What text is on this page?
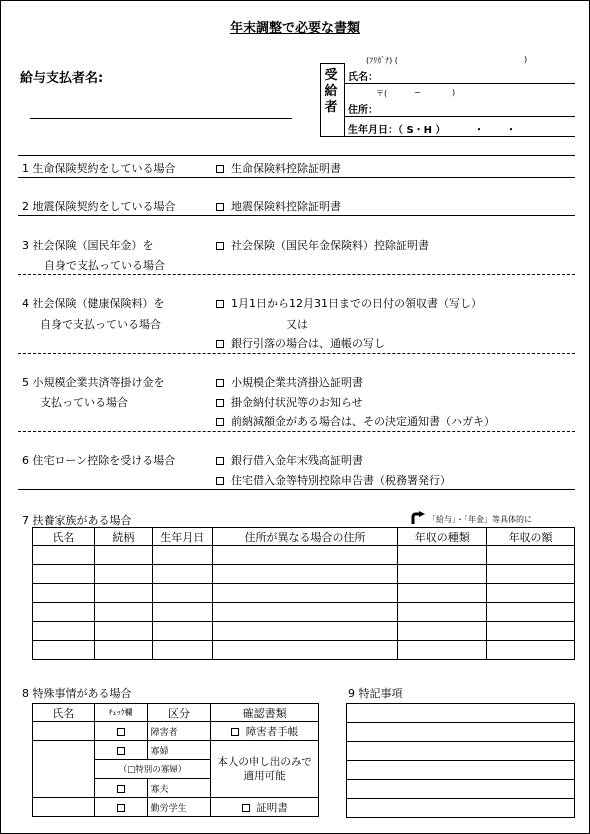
年末調整で必要な書類
給与支払者名:	受
給
者
(ﾌﾘｶﾞﾅ) (	)
氏名：
〒(	−	)
住所：
生年月日：（ S・H ）	・ ・
1 生命保険契約をしている場合	生命保険料控除証明書
2 地震保険契約をしている場合	地震保険料控除証明書
3 社会保険（国民年金）を
自身で支払っている場合
社会保険（国民年金保険料）控除証明書
4 社会保険（健康保険料）を
自身で支払っている場合
1月1日から12月31日までの日付の領収書（写し）
又は
銀行引落の場合は、通帳の写し
5 小規模企業共済等掛け金を
支払っている場合
小規模企業共済掛込証明書
掛金納付状況等のお知らせ
前納減額金がある場合は、その決定通知書（ハガキ）
6 住宅ローン控除を受ける場合	銀行借入金年末残高証明書
住宅借入金等特別控除申告書（税務署発行）
7 扶養家族がある場合	「給与」・「年金」等具体的に
氏名	続柄	生年月日	住所が異なる場合の住所	年収の種類	年収の額

8 特殊事情がある場合
氏名	ﾁｪｯｸ欄	区分	確認書類
		障害者	障害者手帳
		寡婦	本人の申し出のみで適用可能
	（□特別の寡婦）		
		寡夫	
		勤労学生	証明書
9 特記事項
